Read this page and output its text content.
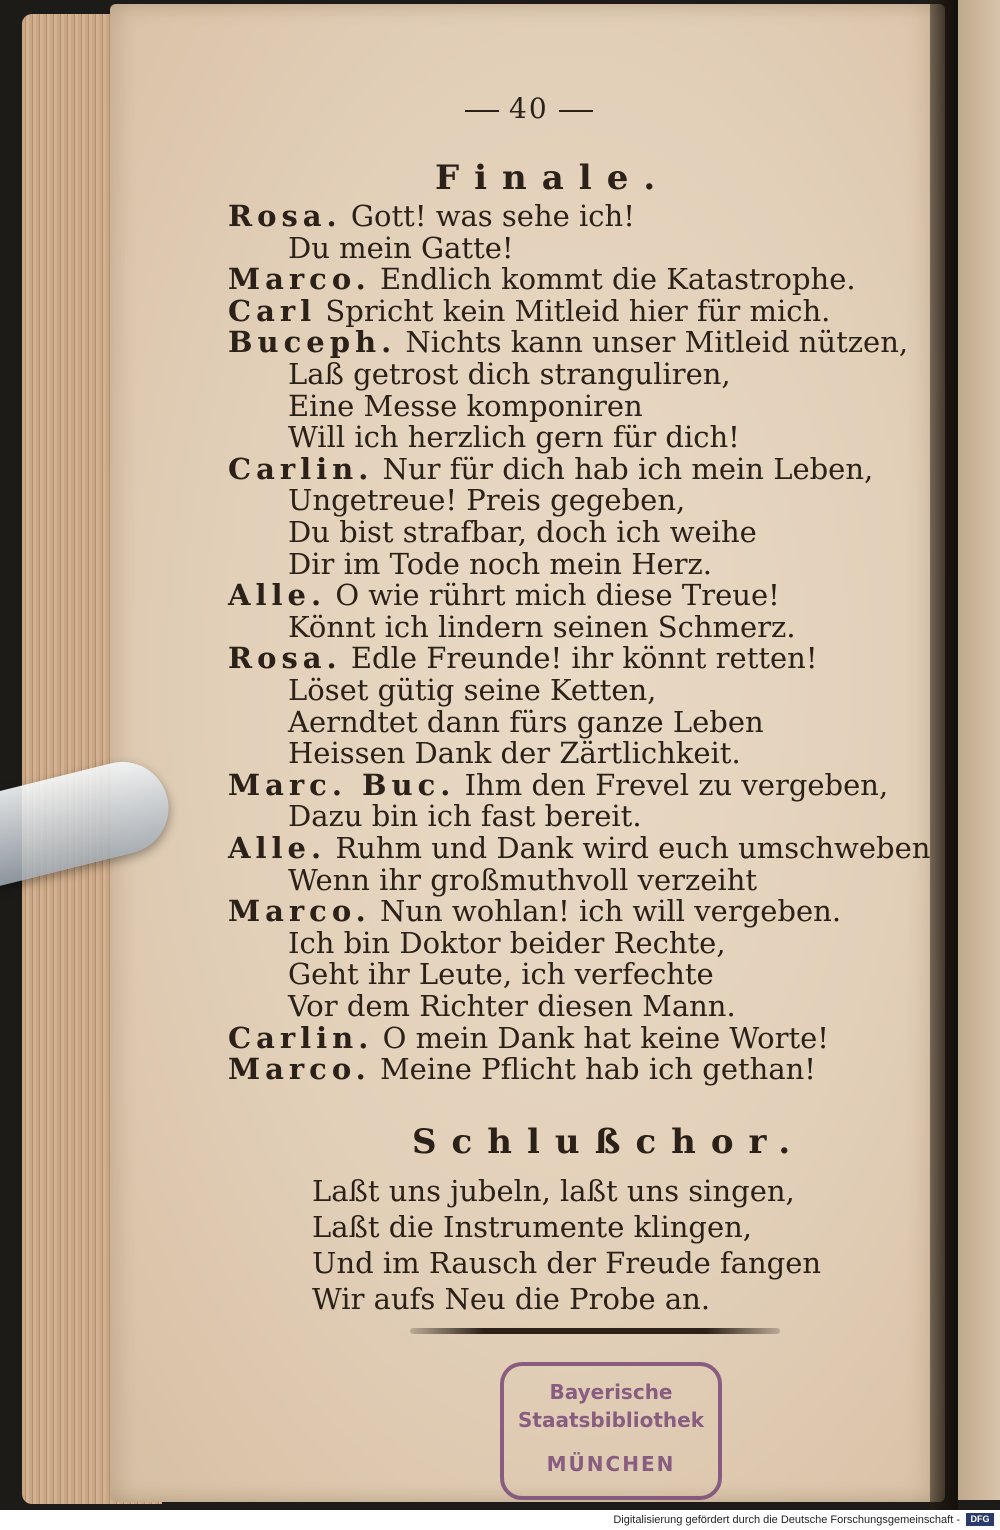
40
Finale.
Rosa. Gott! was sehe ich!
Du mein Gatte!
Marco. Endlich kommt die Katastrophe.
Carl Spricht kein Mitleid hier für mich.
Buceph. Nichts kann unser Mitleid nützen,
Laß getrost dich stranguliren,
Eine Messe komponiren
Will ich herzlich gern für dich!
Carlin. Nur für dich hab ich mein Leben,
Ungetreue! Preis gegeben,
Du bist strafbar, doch ich weihe
Dir im Tode noch mein Herz.
Alle. O wie rührt mich diese Treue!
Könnt ich lindern seinen Schmerz.
Rosa. Edle Freunde! ihr könnt retten!
Löset gütig seine Ketten,
Aerndtet dann fürs ganze Leben
Heissen Dank der Zärtlichkeit.
Marc. Buc. Ihm den Frevel zu vergeben,
Dazu bin ich fast bereit.
Alle. Ruhm und Dank wird euch umschweben
Wenn ihr großmuthvoll verzeiht
Marco. Nun wohlan! ich will vergeben.
Ich bin Doktor beider Rechte,
Geht ihr Leute, ich verfechte
Vor dem Richter diesen Mann.
Carlin. O mein Dank hat keine Worte!
Marco. Meine Pflicht hab ich gethan!
Schlußchor.
Laßt uns jubeln, laßt uns singen,
Laßt die Instrumente klingen,
Und im Rausch der Freude fangen
Wir aufs Neu die Probe an.
Bayerische
Staatsbibliothek
MÜNCHEN
Digitalisierung gefördert durch die Deutsche Forschungsgemeinschaft -	DFG
